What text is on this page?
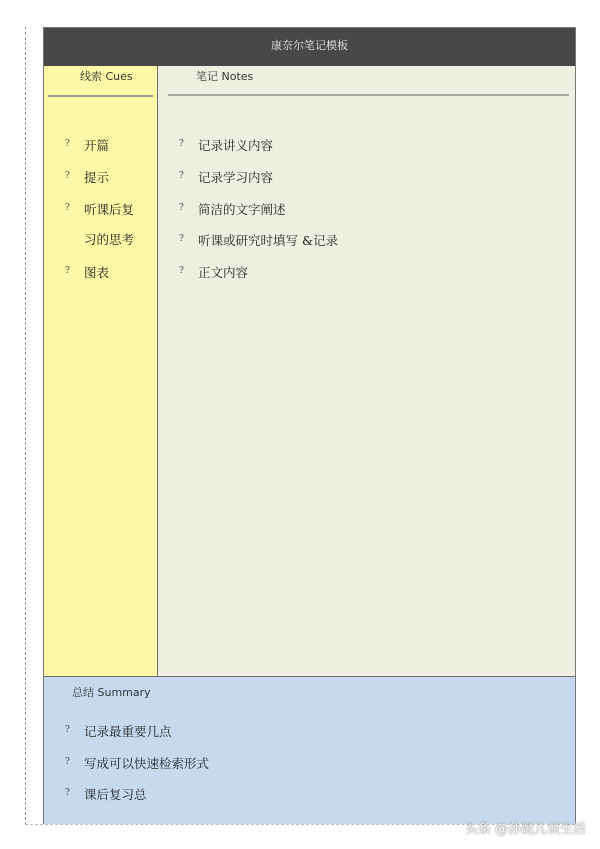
康奈尔笔记模板
线索 Cues
? 开篇
? 提示
? 听课后复
习的思考
? 图表
笔记 Notes
? 记录讲义内容
? 记录学习内容
? 简洁的文字阐述
? 听课或研究时填写 &记录
? 正文内容
总结 Summary
? 记录最重要几点
? 写成可以快速检索形式
? 课后复习总
头条 @孙妮儿谈生活
